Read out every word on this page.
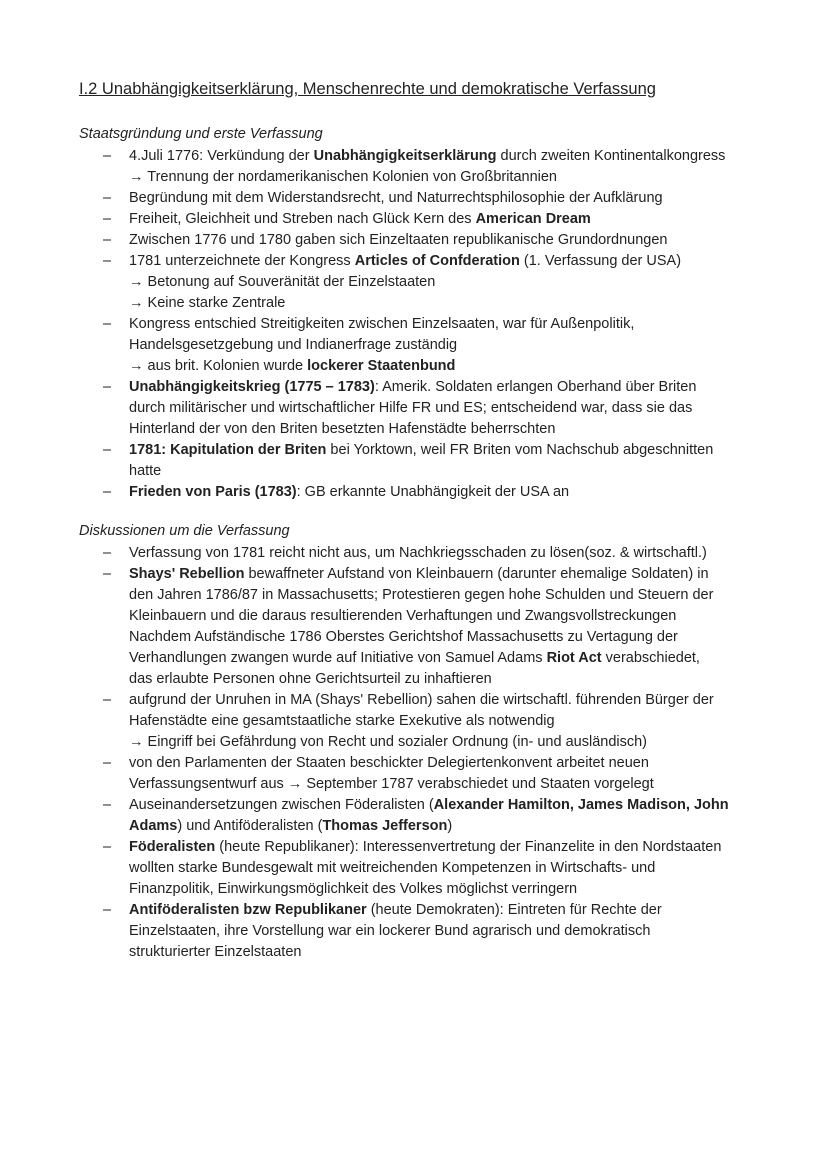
I.2 Unabhängigkeitserklärung, Menschenrechte und demokratische Verfassung
Staatsgründung und erste Verfassung
– 4.Juli 1776: Verkündung der Unabhängigkeitserklärung durch zweiten Kontinentalkongress
→ Trennung der nordamerikanischen Kolonien von Großbritannien
– Begründung mit dem Widerstandsrecht, und Naturrechtsphilosophie der Aufklärung
– Freiheit, Gleichheit und Streben nach Glück Kern des American Dream
– Zwischen 1776 und 1780 gaben sich Einzeltaaten republikanische Grundordnungen
– 1781 unterzeichnete der Kongress Articles of Confderation (1. Verfassung der USA)
→ Betonung auf Souveränität der Einzelstaaten
→ Keine starke Zentrale
– Kongress entschied Streitigkeiten zwischen Einzelsaaten, war für Außenpolitik,
Handelsgesetzgebung und Indianerfrage zuständig
→ aus brit. Kolonien wurde lockerer Staatenbund
– Unabhängigkeitskrieg (1775 – 1783): Amerik. Soldaten erlangen Oberhand über Briten
durch militärischer und wirtschaftlicher Hilfe FR und ES; entscheidend war, dass sie das
Hinterland der von den Briten besetzten Hafenstädte beherrschten
– 1781: Kapitulation der Briten bei Yorktown, weil FR Briten vom Nachschub abgeschnitten
hatte
– Frieden von Paris (1783): GB erkannte Unabhängigkeit der USA an
Diskussionen um die Verfassung
– Verfassung von 1781 reicht nicht aus, um Nachkriegsschaden zu lösen(soz. & wirtschaftl.)
– Shays' Rebellion bewaffneter Aufstand von Kleinbauern (darunter ehemalige Soldaten) in
den Jahren 1786/87 in Massachusetts; Protestieren gegen hohe Schulden und Steuern der
Kleinbauern und die daraus resultierenden Verhaftungen und Zwangsvollstreckungen
Nachdem Aufständische 1786 Oberstes Gerichtshof Massachusetts zu Vertagung der
Verhandlungen zwangen wurde auf Initiative von Samuel Adams Riot Act verabschiedet,
das erlaubte Personen ohne Gerichtsurteil zu inhaftieren
– aufgrund der Unruhen in MA (Shays' Rebellion) sahen die wirtschaftl. führenden Bürger der
Hafenstädte eine gesamtstaatliche starke Exekutive als notwendig
→ Eingriff bei Gefährdung von Recht und sozialer Ordnung (in- und ausländisch)
– von den Parlamenten der Staaten beschickter Delegiertenkonvent arbeitet neuen
Verfassungsentwurf aus → September 1787 verabschiedet und Staaten vorgelegt
– Auseinandersetzungen zwischen Föderalisten (Alexander Hamilton, James Madison, John
Adams) und Antiföderalisten (Thomas Jefferson)
– Föderalisten (heute Republikaner): Interessenvertretung der Finanzelite in den Nordstaaten
wollten starke Bundesgewalt mit weitreichenden Kompetenzen in Wirtschafts- und
Finanzpolitik, Einwirkungsmöglichkeit des Volkes möglichst verringern
– Antiföderalisten bzw Republikaner (heute Demokraten): Eintreten für Rechte der
Einzelstaaten, ihre Vorstellung war ein lockerer Bund agrarisch und demokratisch
strukturierter Einzelstaaten
